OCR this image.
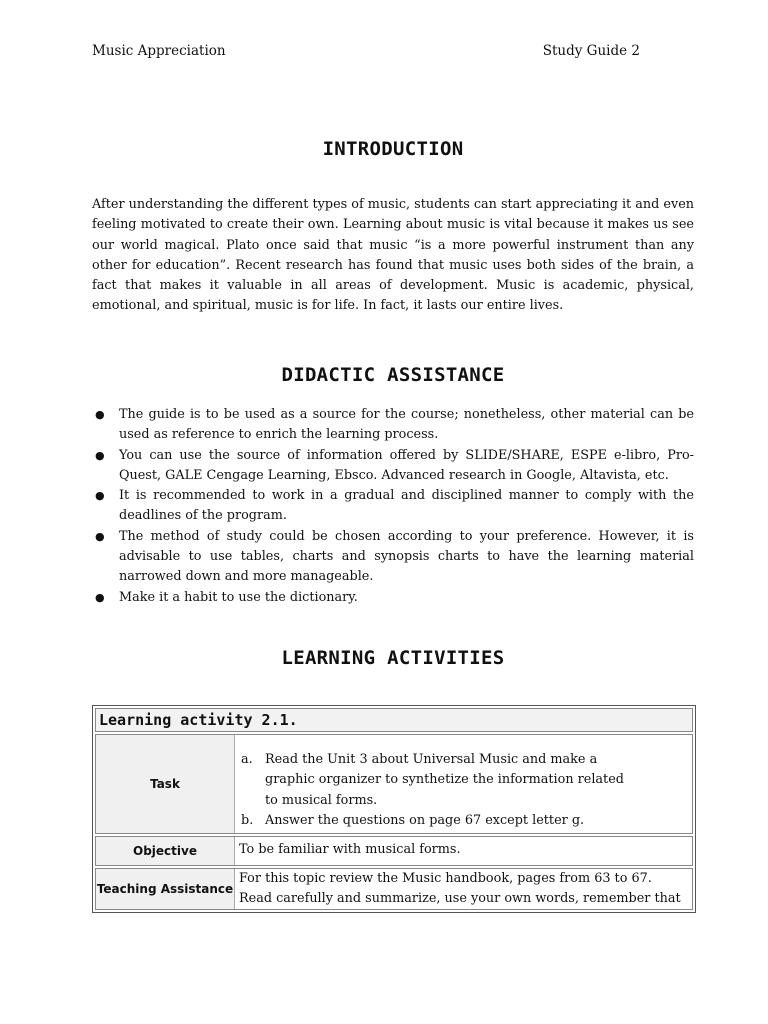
Music Appreciation	Study Guide 2
INTRODUCTION

After understanding the different types of music, students can start appreciating it and even feeling motivated to create their own. Learning about music is vital because it makes us see our world magical. Plato once said that music “is a more powerful instrument than any other for education”. Recent research has found that music uses both sides of the brain, a fact that makes it valuable in all areas of development. Music is academic, physical, emotional, and spiritual, music is for life. In fact, it lasts our entire lives.

DIDACTIC ASSISTANCE
● The guide is to be used as a source for the course; nonetheless, other material can be used as reference to enrich the learning process.
● You can use the source of information offered by SLIDE/SHARE, ESPE e-libro, Pro-Quest, GALE Cengage Learning, Ebsco. Advanced research in Google, Altavista, etc.
● It is recommended to work in a gradual and disciplined manner to comply with the deadlines of the program.
● The method of study could be chosen according to your preference. However, it is advisable to use tables, charts and synopsis charts to have the learning material narrowed down and more manageable.
● Make it a habit to use the dictionary.
LEARNING ACTIVITIES
Learning activity 2.1.
Task
a. Read the Unit 3 about Universal Music and make a graphic organizer to synthetize the information related to musical forms.
b. Answer the questions on page 67 except letter g.
Objective	To be familiar with musical forms.
Teaching Assistance
For this topic review the Music handbook, pages from 63 to 67.
Read carefully and summarize, use your own words, remember that
